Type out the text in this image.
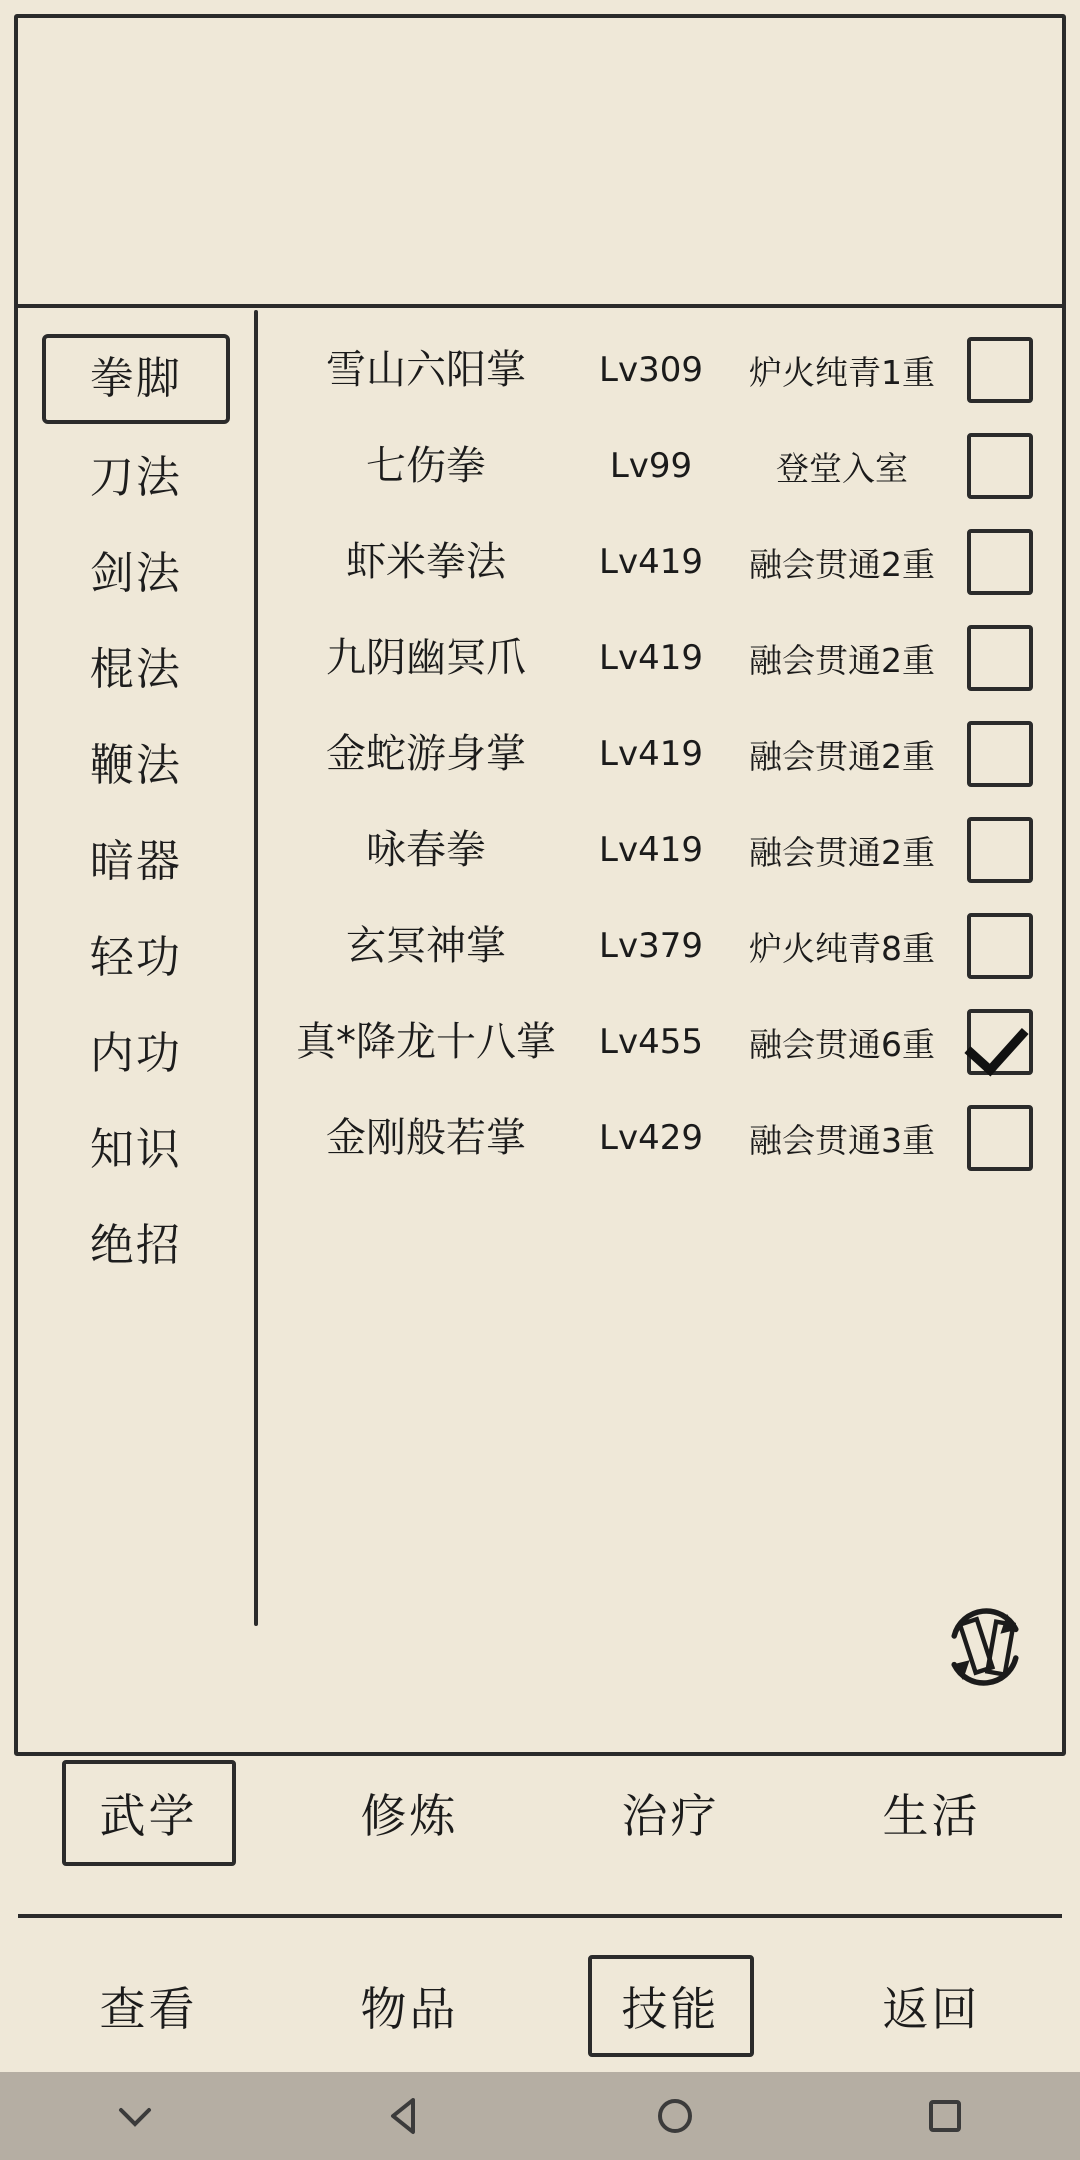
拳脚
刀法
剑法
棍法
鞭法
暗器
轻功
内功
知识
绝招
雪山六阳掌	Lv309	炉火纯青1重
七伤拳	Lv99	登堂入室
虾米拳法	Lv419	融会贯通2重
九阴幽冥爪	Lv419	融会贯通2重
金蛇游身掌	Lv419	融会贯通2重
咏春拳	Lv419	融会贯通2重
玄冥神掌	Lv379	炉火纯青8重
真*降龙十八掌	Lv455	融会贯通6重
金刚般若掌	Lv429	融会贯通3重
武学	修炼	治疗	生活
查看	物品	技能	返回
